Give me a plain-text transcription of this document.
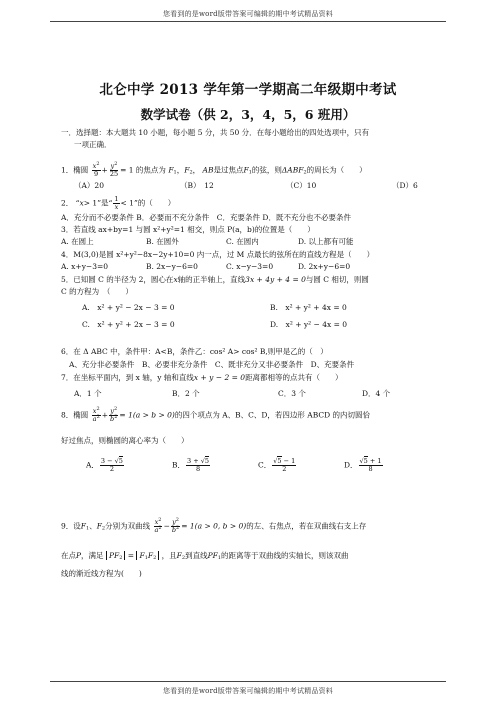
您看到的是word版带答案可编辑的期中考试精品资料
北仑中学 2013 学年第一学期高二年级期中考试
数学试卷（供 2，3，4，5，6 班用）
一．选择题：本大题共 10 小题，每小题 5 分，共 50 分．在每小题给出的四处选项中，只有
一项正确．
1．椭圆 $\frac{x^2}{9} + \frac{y^2}{25} = 1$ 的焦点为 $F_1$，$F_2$， AB是过焦点$F_1$的弦，则$\Delta ABF_2$的周长为（　　）
（A）20	（B）　12	（C）10	（D）6
2． “x> 1”是“ $\frac{1}{x} < 1$”的（　　）
A．充分而不必要条件 B．必要而不充分条件　C．充要条件 D．既不充分也不必要条件
3．若直线 ax+by=1 与圆 x²+y²=1 相交，则点 P(a，b)的位置是（　　）
A. 在圆上	B. 在圆外	C. 在圆内	D. 以上都有可能
4．M(3,0)是圆 x²+y²−8x−2y+10=0 内一点，过 M 点最长的弦所在的直线方程是（　　）
A. x+y−3=0	B. 2x−y−6=0	C. x−y−3=0	D. 2x+y−6=0
5．已知圆 C 的半径为 2，圆心在x轴的正半轴上，直线3x + 4y + 4 = 0与圆 C 相切，则圆
C 的方程为　（　　）
A.　x² + y² − 2x − 3 = 0	B.　x² + y² + 4x = 0
C.　x² + y² + 2x − 3 = 0	D.　x² + y² − 4x = 0
6．在 Δ ABC 中，条件甲：A<B，条件乙：cos² A> cos² B,则甲是乙的（　）
A、充分非必要条件　B、必要非充分条件　C、既非充分又非必要条件　D、充要条件
7．在坐标平面内，到 x 轴，y 轴和直线x + y − 2 = 0距离都相等的点共有（　　）
A．1 个	B．2 个	C．3 个	D．4 个
8．椭圆 $\frac{x^2}{a^2} + \frac{y^2}{b^2} = 1(a > b > 0)$的四个项点为 A、B、C、D，若四边形 ABCD 的内切圆恰
好过焦点，则椭圆的离心率为（　　）
A． $\frac{3 - √5}{2}$	B． $\frac{3 + √5}{8}$	C． $\frac{√5 - 1}{2}$	D． $\frac{√5 + 1}{8}$
9．设$F_1$、$F_2$分别为双曲线 $\frac{x^2}{a^2} - \frac{y^2}{b^2} = 1(a > 0$, b > 0)的左、右焦点，若在双曲线右支上存
在点P，满足 $PF_2 = F_1F_2$ ，且$F_2$到直线$PF_1$的距离等于双曲线的实轴长，则该双曲
线的渐近线方程为(　　)
您看到的是word版带答案可编辑的期中考试精品资料
